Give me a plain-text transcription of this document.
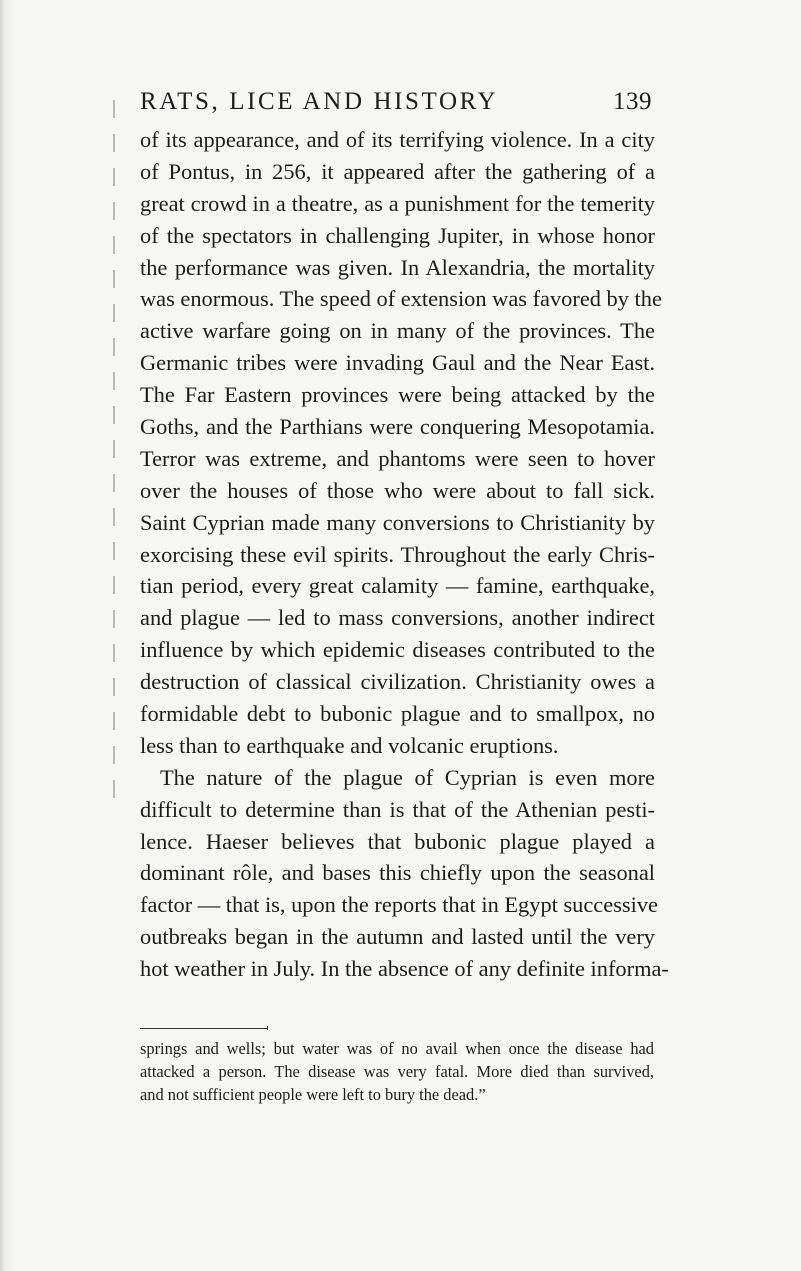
RATS, LICE AND HISTORY	139
of its appearance, and of its terrifying violence. In a city
of Pontus, in 256, it appeared after the gathering of a
great crowd in a theatre, as a punishment for the temerity
of the spectators in challenging Jupiter, in whose honor
the performance was given. In Alexandria, the mortality
was enormous. The speed of extension was favored by the
active warfare going on in many of the provinces. The
Germanic tribes were invading Gaul and the Near East.
The Far Eastern provinces were being attacked by the
Goths, and the Parthians were conquering Mesopotamia.
Terror was extreme, and phantoms were seen to hover
over the houses of those who were about to fall sick.
Saint Cyprian made many conversions to Christianity by
exorcising these evil spirits. Throughout the early Chris-
tian period, every great calamity — famine, earthquake,
and plague — led to mass conversions, another indirect
influence by which epidemic diseases contributed to the
destruction of classical civilization. Christianity owes a
formidable debt to bubonic plague and to smallpox, no
less than to earthquake and volcanic eruptions.
The nature of the plague of Cyprian is even more
difficult to determine than is that of the Athenian pesti-
lence. Haeser believes that bubonic plague played a
dominant rôle, and bases this chiefly upon the seasonal
factor — that is, upon the reports that in Egypt successive
outbreaks began in the autumn and lasted until the very
hot weather in July. In the absence of any definite informa-
springs and wells; but water was of no avail when once the disease had
attacked a person. The disease was very fatal. More died than survived,
and not sufficient people were left to bury the dead.”
